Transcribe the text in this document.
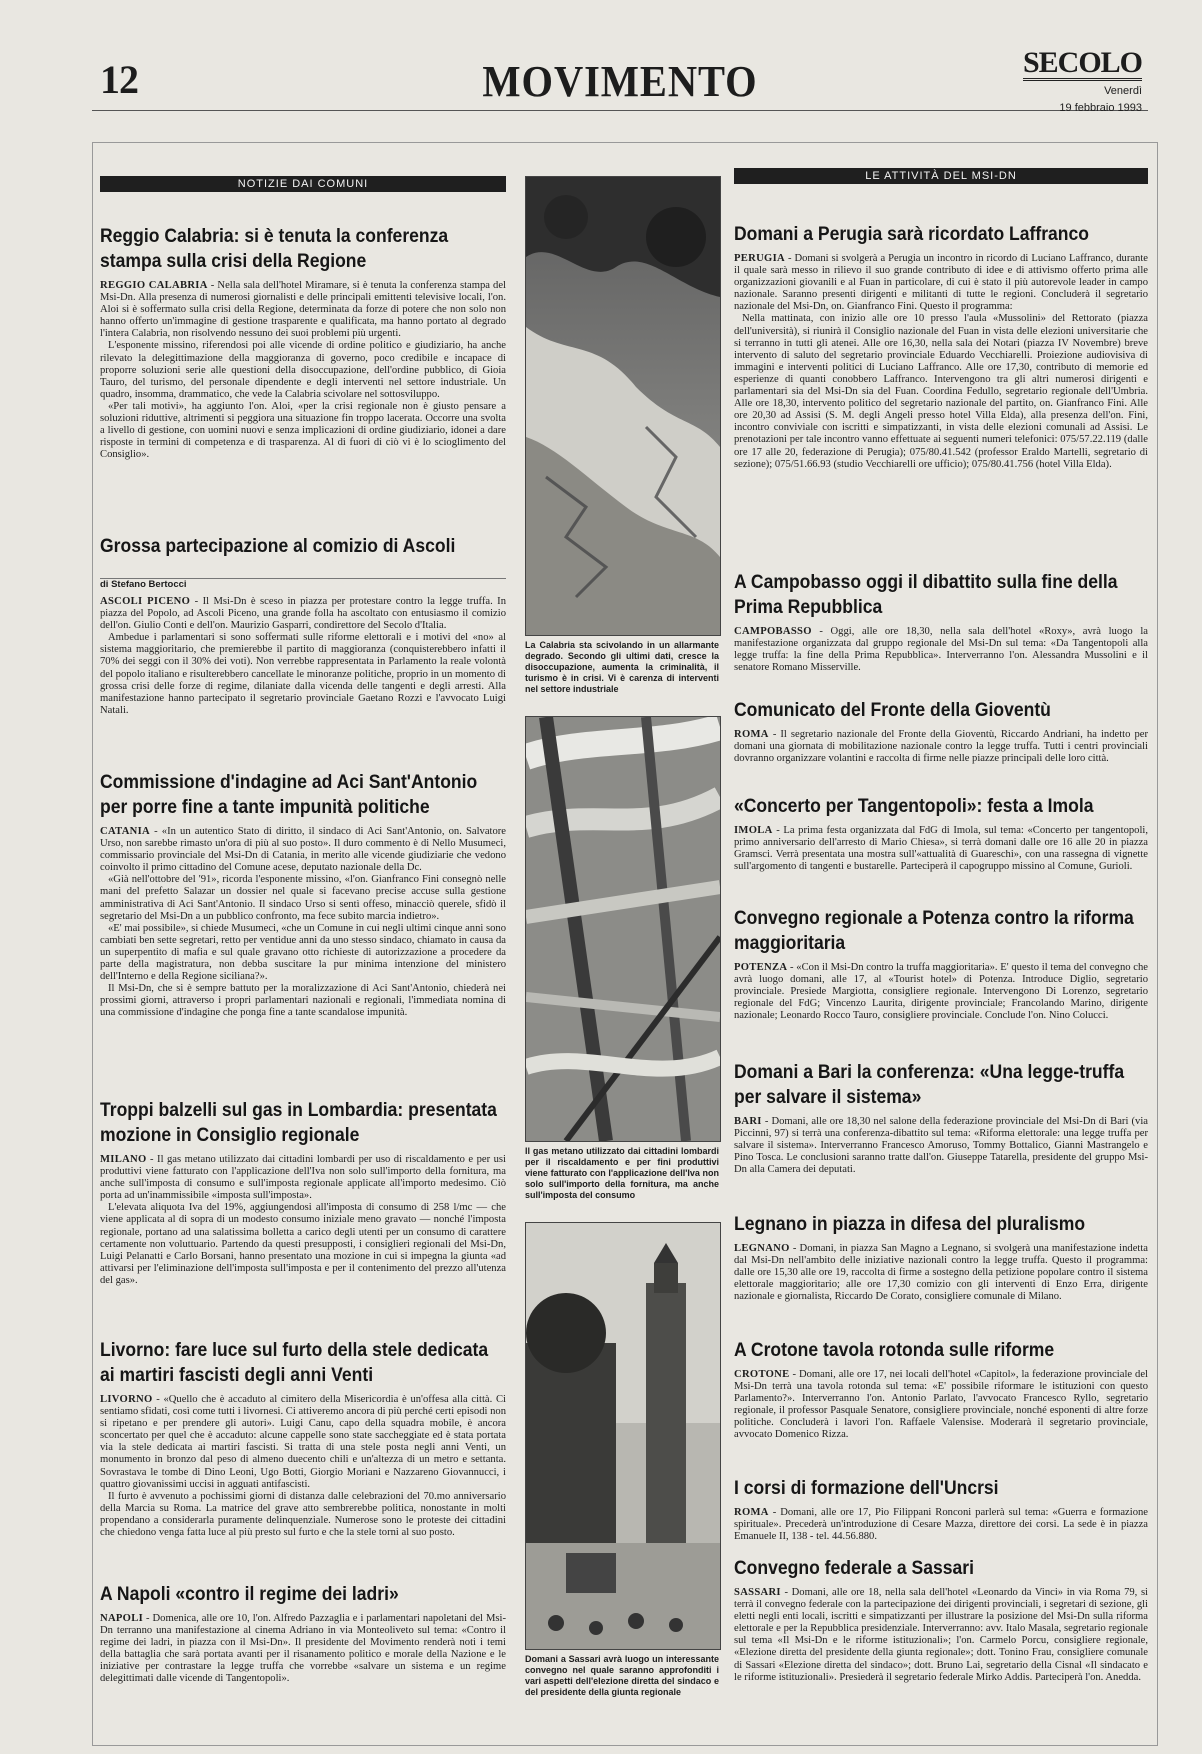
12	MOVIMENTO	SECOLO
Venerdì
19 febbraio 1993
NOTIZIE DAI COMUNI
LE ATTIVITÀ DEL MSI-DN
Reggio Calabria: si è tenuta la conferenza stampa sulla crisi della Regione

REGGIO CALABRIA - Nella sala dell'hotel Miramare, si è tenuta la conferenza stampa del Msi-Dn. Alla presenza di numerosi giornalisti e delle principali emittenti televisive locali, l'on. Aloi si è soffermato sulla crisi della Regione, determinata da forze di potere che non solo non hanno offerto un'immagine di gestione trasparente e qualificata, ma hanno portato al degrado l'intera Calabria, non risolvendo nessuno dei suoi problemi più urgenti.

L'esponente missino, riferendosi poi alle vicende di ordine politico e giudiziario, ha anche rilevato la delegittimazione della maggioranza di governo, poco credibile e incapace di proporre soluzioni serie alle questioni della disoccupazione, dell'ordine pubblico, di Gioia Tauro, del turismo, del personale dipendente e degli interventi nel settore industriale. Un quadro, insomma, drammatico, che vede la Calabria scivolare nel sottosviluppo.

«Per tali motivi», ha aggiunto l'on. Aloi, «per la crisi regionale non è giusto pensare a soluzioni riduttive, altrimenti si peggiora una situazione fin troppo lacerata. Occorre una svolta a livello di gestione, con uomini nuovi e senza implicazioni di ordine giudiziario, idonei a dare risposte in termini di competenza e di trasparenza. Al di fuori di ciò vi è lo scioglimento del Consiglio».

Grossa partecipazione al comizio di Ascoli
di Stefano Bertocci

ASCOLI PICENO - Il Msi-Dn è sceso in piazza per protestare contro la legge truffa. In piazza del Popolo, ad Ascoli Piceno, una grande folla ha ascoltato con entusiasmo il comizio dell'on. Giulio Conti e dell'on. Maurizio Gasparri, condirettore del Secolo d'Italia.

Ambedue i parlamentari si sono soffermati sulle riforme elettorali e i motivi del «no» al sistema maggioritario, che premierebbe il partito di maggioranza (conquisterebbero infatti il 70% dei seggi con il 30% dei voti). Non verrebbe rappresentata in Parlamento la reale volontà del popolo italiano e risulterebbero cancellate le minoranze politiche, proprio in un momento di grossa crisi delle forze di regime, dilaniate dalla vicenda delle tangenti e degli arresti. Alla manifestazione hanno partecipato il segretario provinciale Gaetano Rozzi e l'avvocato Luigi Natali.

Commissione d'indagine ad Aci Sant'Antonio per porre fine a tante impunità politiche

CATANIA - «In un autentico Stato di diritto, il sindaco di Aci Sant'Antonio, on. Salvatore Urso, non sarebbe rimasto un'ora di più al suo posto». Il duro commento è di Nello Musumeci, commissario provinciale del Msi-Dn di Catania, in merito alle vicende giudiziarie che vedono coinvolto il primo cittadino del Comune acese, deputato nazionale della Dc.

«Già nell'ottobre del '91», ricorda l'esponente missino, «l'on. Gianfranco Fini consegnò nelle mani del prefetto Salazar un dossier nel quale si facevano precise accuse sulla gestione amministrativa di Aci Sant'Antonio. Il sindaco Urso si sentì offeso, minacciò querele, sfidò il segretario del Msi-Dn a un pubblico confronto, ma fece subito marcia indietro».

«E' mai possibile», si chiede Musumeci, «che un Comune in cui negli ultimi cinque anni sono cambiati ben sette segretari, retto per ventidue anni da uno stesso sindaco, chiamato in causa da un superpentito di mafia e sul quale gravano otto richieste di autorizzazione a procedere da parte della magistratura, non debba suscitare la pur minima intenzione del ministero dell'Interno e della Regione siciliana?».

Il Msi-Dn, che si è sempre battuto per la moralizzazione di Aci Sant'Antonio, chiederà nei prossimi giorni, attraverso i propri parlamentari nazionali e regionali, l'immediata nomina di una commissione d'indagine che ponga fine a tante scandalose impunità.

Troppi balzelli sul gas in Lombardia: presentata mozione in Consiglio regionale

MILANO - Il gas metano utilizzato dai cittadini lombardi per uso di riscaldamento e per usi produttivi viene fatturato con l'applicazione dell'Iva non solo sull'importo della fornitura, ma anche sull'imposta di consumo e sull'imposta regionale applicate all'importo medesimo. Ciò porta ad un'inammissibile «imposta sull'imposta».

L'elevata aliquota Iva del 19%, aggiungendosi all'imposta di consumo di 258 l/mc — che viene applicata al di sopra di un modesto consumo iniziale meno gravato — nonché l'imposta regionale, portano ad una salatissima bolletta a carico degli utenti per un consumo di carattere certamente non voluttuario. Partendo da questi presupposti, i consiglieri regionali del Msi-Dn, Luigi Pelanatti e Carlo Borsani, hanno presentato una mozione in cui si impegna la giunta «ad attivarsi per l'eliminazione dell'imposta sull'imposta e per il contenimento del prezzo all'utenza del gas».

Livorno: fare luce sul furto della stele dedicata ai martiri fascisti degli anni Venti

LIVORNO - «Quello che è accaduto al cimitero della Misericordia è un'offesa alla città. Ci sentiamo sfidati, così come tutti i livornesi. Ci attiveremo ancora di più perché certi episodi non si ripetano e per prendere gli autori». Luigi Canu, capo della squadra mobile, è ancora sconcertato per quel che è accaduto: alcune cappelle sono state saccheggiate ed è stata portata via la stele dedicata ai martiri fascisti. Si tratta di una stele posta negli anni Venti, un monumento in bronzo dal peso di almeno duecento chili e un'altezza di un metro e settanta. Sovrastava le tombe di Dino Leoni, Ugo Botti, Giorgio Moriani e Nazzareno Giovannucci, i quattro giovanissimi uccisi in agguati antifascisti.

Il furto è avvenuto a pochissimi giorni di distanza dalle celebrazioni del 70.mo anniversario della Marcia su Roma. La matrice del grave atto sembrerebbe politica, nonostante in molti propendano a considerarla puramente delinquenziale. Numerose sono le proteste dei cittadini che chiedono venga fatta luce al più presto sul furto e che la stele torni al suo posto.

A Napoli «contro il regime dei ladri»

NAPOLI - Domenica, alle ore 10, l'on. Alfredo Pazzaglia e i parlamentari napoletani del Msi-Dn terranno una manifestazione al cinema Adriano in via Monteoliveto sul tema: «Contro il regime dei ladri, in piazza con il Msi-Dn». Il presidente del Movimento renderà noti i temi della battaglia che sarà portata avanti per il risanamento politico e morale della Nazione e le iniziative per contrastare la legge truffa che vorrebbe «salvare un sistema e un regime delegittimati dalle vicende di Tangentopoli».

La Calabria sta scivolando in un allarmante degrado. Secondo gli ultimi dati, cresce la disoccupazione, aumenta la criminalità, il turismo è in crisi. Vi è carenza di interventi nel settore industriale
Il gas metano utilizzato dai cittadini lombardi per il riscaldamento e per fini produttivi viene fatturato con l'applicazione dell'Iva non solo sull'importo della fornitura, ma anche sull'imposta del consumo
Domani a Sassari avrà luogo un interessante convegno nel quale saranno approfonditi i vari aspetti dell'elezione diretta del sindaco e del presidente della giunta regionale
Domani a Perugia sarà ricordato Laffranco

PERUGIA - Domani si svolgerà a Perugia un incontro in ricordo di Luciano Laffranco, durante il quale sarà messo in rilievo il suo grande contributo di idee e di attivismo offerto prima alle organizzazioni giovanili e al Fuan in particolare, di cui è stato il più autorevole leader in campo nazionale. Saranno presenti dirigenti e militanti di tutte le regioni. Concluderà il segretario nazionale del Msi-Dn, on. Gianfranco Fini. Questo il programma:

Nella mattinata, con inizio alle ore 10 presso l'aula «Mussolini» del Rettorato (piazza dell'università), si riunirà il Consiglio nazionale del Fuan in vista delle elezioni universitarie che si terranno in tutti gli atenei. Alle ore 16,30, nella sala dei Notari (piazza IV Novembre) breve intervento di saluto del segretario provinciale Eduardo Vecchiarelli. Proiezione audiovisiva di immagini e interventi politici di Luciano Laffranco. Alle ore 17,30, contributo di memorie ed esperienze di quanti conobbero Laffranco. Intervengono tra gli altri numerosi dirigenti e parlamentari sia del Msi-Dn sia del Fuan. Coordina Fedullo, segretario regionale dell'Umbria. Alle ore 18,30, intervento politico del segretario nazionale del partito, on. Gianfranco Fini. Alle ore 20,30 ad Assisi (S. M. degli Angeli presso hotel Villa Elda), alla presenza dell'on. Fini, incontro conviviale con iscritti e simpatizzanti, in vista delle elezioni comunali ad Assisi. Le prenotazioni per tale incontro vanno effettuate ai seguenti numeri telefonici: 075/57.22.119 (dalle ore 17 alle 20, federazione di Perugia); 075/80.41.542 (professor Eraldo Martelli, segretario di sezione); 075/51.66.93 (studio Vecchiarelli ore ufficio); 075/80.41.756 (hotel Villa Elda).

A Campobasso oggi il dibattito sulla fine della Prima Repubblica

CAMPOBASSO - Oggi, alle ore 18,30, nella sala dell'hotel «Roxy», avrà luogo la manifestazione organizzata dal gruppo regionale del Msi-Dn sul tema: «Da Tangentopoli alla legge truffa: la fine della Prima Repubblica». Interverranno l'on. Alessandra Mussolini e il senatore Romano Misserville.

Comunicato del Fronte della Gioventù

ROMA - Il segretario nazionale del Fronte della Gioventù, Riccardo Andriani, ha indetto per domani una giornata di mobilitazione nazionale contro la legge truffa. Tutti i centri provinciali dovranno organizzare volantini e raccolta di firme nelle piazze principali delle loro città.

«Concerto per Tangentopoli»: festa a Imola

IMOLA - La prima festa organizzata dal FdG di Imola, sul tema: «Concerto per tangentopoli, primo anniversario dell'arresto di Mario Chiesa», si terrà domani dalle ore 16 alle 20 in piazza Gramsci. Verrà presentata una mostra sull'«attualità di Guareschi», con una rassegna di vignette sull'argomento di tangenti e bustarelle. Parteciperà il capogruppo missino al Comune, Gurioli.

Convegno regionale a Potenza contro la riforma maggioritaria

POTENZA - «Con il Msi-Dn contro la truffa maggioritaria». E' questo il tema del convegno che avrà luogo domani, alle 17, al «Tourist hotel» di Potenza. Introduce Diglio, segretario provinciale. Presiede Margiotta, consigliere regionale. Intervengono Di Lorenzo, segretario regionale del FdG; Vincenzo Laurita, dirigente provinciale; Francolando Marino, dirigente nazionale; Leonardo Rocco Tauro, consigliere provinciale. Conclude l'on. Nino Colucci.

Domani a Bari la conferenza: «Una legge-truffa per salvare il sistema»

BARI - Domani, alle ore 18,30 nel salone della federazione provinciale del Msi-Dn di Bari (via Piccinni, 97) si terrà una conferenza-dibattito sul tema: «Riforma elettorale: una legge truffa per salvare il sistema». Interverranno Francesco Amoruso, Tommy Bottalico, Gianni Mastrangelo e Pino Tosca. Le conclusioni saranno tratte dall'on. Giuseppe Tatarella, presidente del gruppo Msi-Dn alla Camera dei deputati.

Legnano in piazza in difesa del pluralismo

LEGNANO - Domani, in piazza San Magno a Legnano, si svolgerà una manifestazione indetta dal Msi-Dn nell'ambito delle iniziative nazionali contro la legge truffa. Questo il programma: dalle ore 15,30 alle ore 19, raccolta di firme a sostegno della petizione popolare contro il sistema elettorale maggioritario; alle ore 17,30 comizio con gli interventi di Enzo Erra, dirigente nazionale e giornalista, Riccardo De Corato, consigliere comunale di Milano.

A Crotone tavola rotonda sulle riforme

CROTONE - Domani, alle ore 17, nei locali dell'hotel «Capitol», la federazione provinciale del Msi-Dn terrà una tavola rotonda sul tema: «E' possibile riformare le istituzioni con questo Parlamento?». Interverranno l'on. Antonio Parlato, l'avvocato Francesco Ryllo, segretario regionale, il professor Pasquale Senatore, consigliere provinciale, nonché esponenti di altre forze politiche. Concluderà i lavori l'on. Raffaele Valensise. Moderarà il segretario provinciale, avvocato Domenico Rizza.

I corsi di formazione dell'Uncrsi

ROMA - Domani, alle ore 17, Pio Filippani Ronconi parlerà sul tema: «Guerra e formazione spirituale». Precederà un'introduzione di Cesare Mazza, direttore dei corsi. La sede è in piazza Emanuele II, 138 - tel. 44.56.880.

Convegno federale a Sassari

SASSARI - Domani, alle ore 18, nella sala dell'hotel «Leonardo da Vinci» in via Roma 79, si terrà il convegno federale con la partecipazione dei dirigenti provinciali, i segretari di sezione, gli eletti negli enti locali, iscritti e simpatizzanti per illustrare la posizione del Msi-Dn sulla riforma elettorale e per la Repubblica presidenziale. Interverranno: avv. Italo Masala, segretario regionale sul tema «Il Msi-Dn e le riforme istituzionali»; l'on. Carmelo Porcu, consigliere regionale, «Elezione diretta del presidente della giunta regionale»; dott. Tonino Frau, consigliere comunale di Sassari «Elezione diretta del sindaco»; dott. Bruno Lai, segretario della Cisnal «Il sindacato e le riforme istituzionali». Presiederà il segretario federale Mirko Addis. Parteciperà l'on. Anedda.
